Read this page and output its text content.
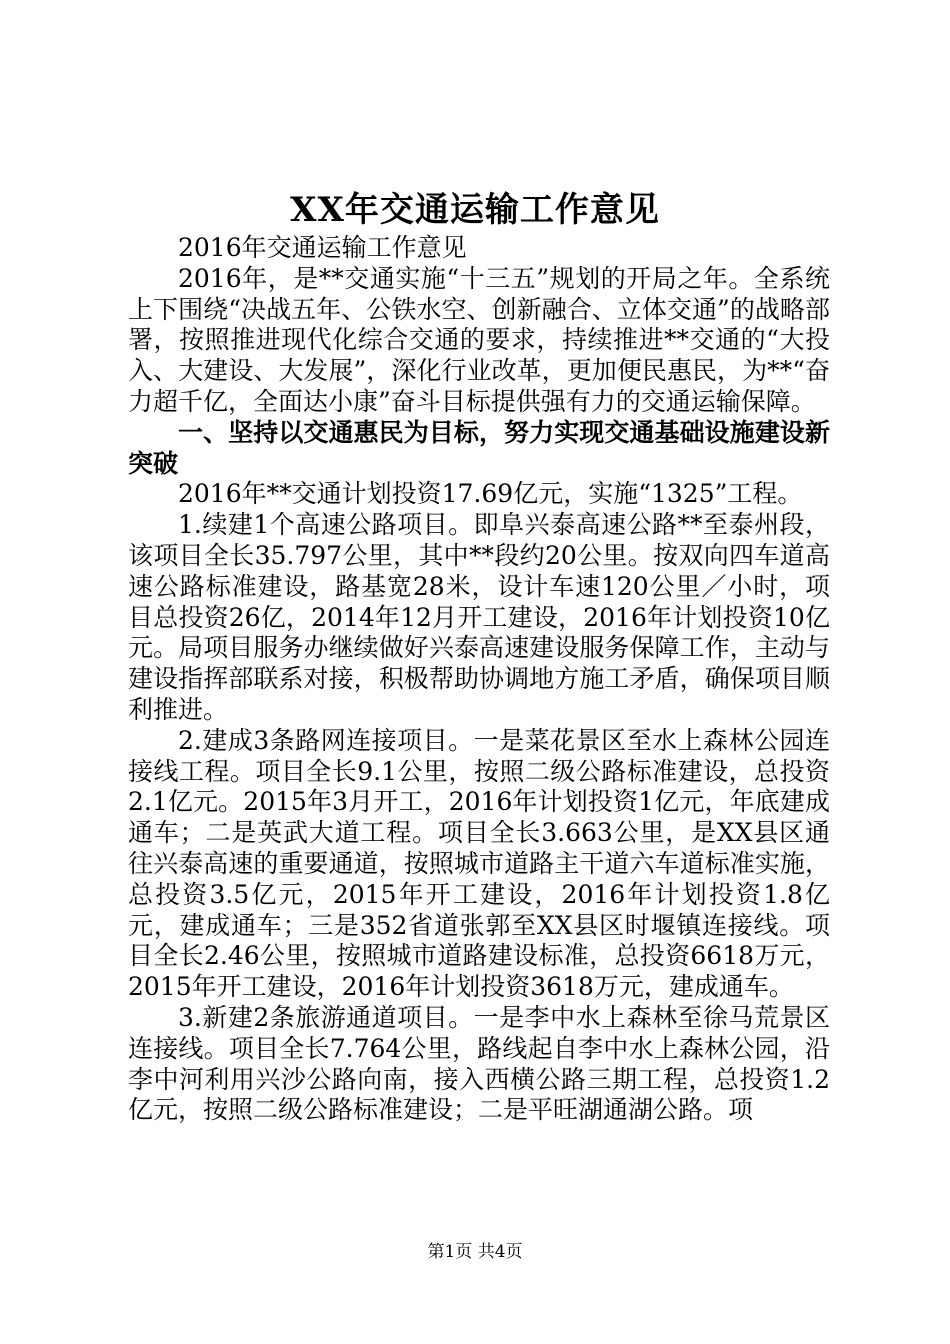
XX年交通运输工作意见

2016年交通运输工作意见

2016年，是**交通实施“十三五”规划的开局之年。全系统上下围绕“决战五年、公铁水空、创新融合、立体交通”的战略部署，按照推进现代化综合交通的要求，持续推进**交通的“大投入、大建设、大发展”，深化行业改革，更加便民惠民，为**“奋力超千亿，全面达小康”奋斗目标提供强有力的交通运输保障。

一、坚持以交通惠民为目标，努力实现交通基础设施建设新突破

2016年**交通计划投资17.69亿元，实施“1325”工程。

1.续建1个高速公路项目。即阜兴泰高速公路**至泰州段，该项目全长35.797公里，其中**段约20公里。按双向四车道高速公路标准建设，路基宽28米，设计车速120公里／小时，项目总投资26亿，2014年12月开工建设，2016年计划投资10亿元。局项目服务办继续做好兴泰高速建设服务保障工作，主动与建设指挥部联系对接，积极帮助协调地方施工矛盾，确保项目顺利推进。

2.建成3条路网连接项目。一是菜花景区至水上森林公园连接线工程。项目全长9.1公里，按照二级公路标准建设，总投资2.1亿元。2015年3月开工，2016年计划投资1亿元，年底建成通车；二是英武大道工程。项目全长3.663公里，是XX县区通往兴泰高速的重要通道，按照城市道路主干道六车道标准实施，总投资3.5亿元，2015年开工建设，2016年计划投资1.8亿元，建成通车；三是352省道张郭至XX县区时堰镇连接线。项目全长2.46公里，按照城市道路建设标准，总投资6618万元，2015年开工建设，2016年计划投资3618万元，建成通车。

3.新建2条旅游通道项目。一是李中水上森林至徐马荒景区连接线。项目全长7.764公里，路线起自李中水上森林公园，沿李中河利用兴沙公路向南，接入西横公路三期工程，总投资1.2亿元，按照二级公路标准建设；二是平旺湖通湖公路。项

第1页 共4页
